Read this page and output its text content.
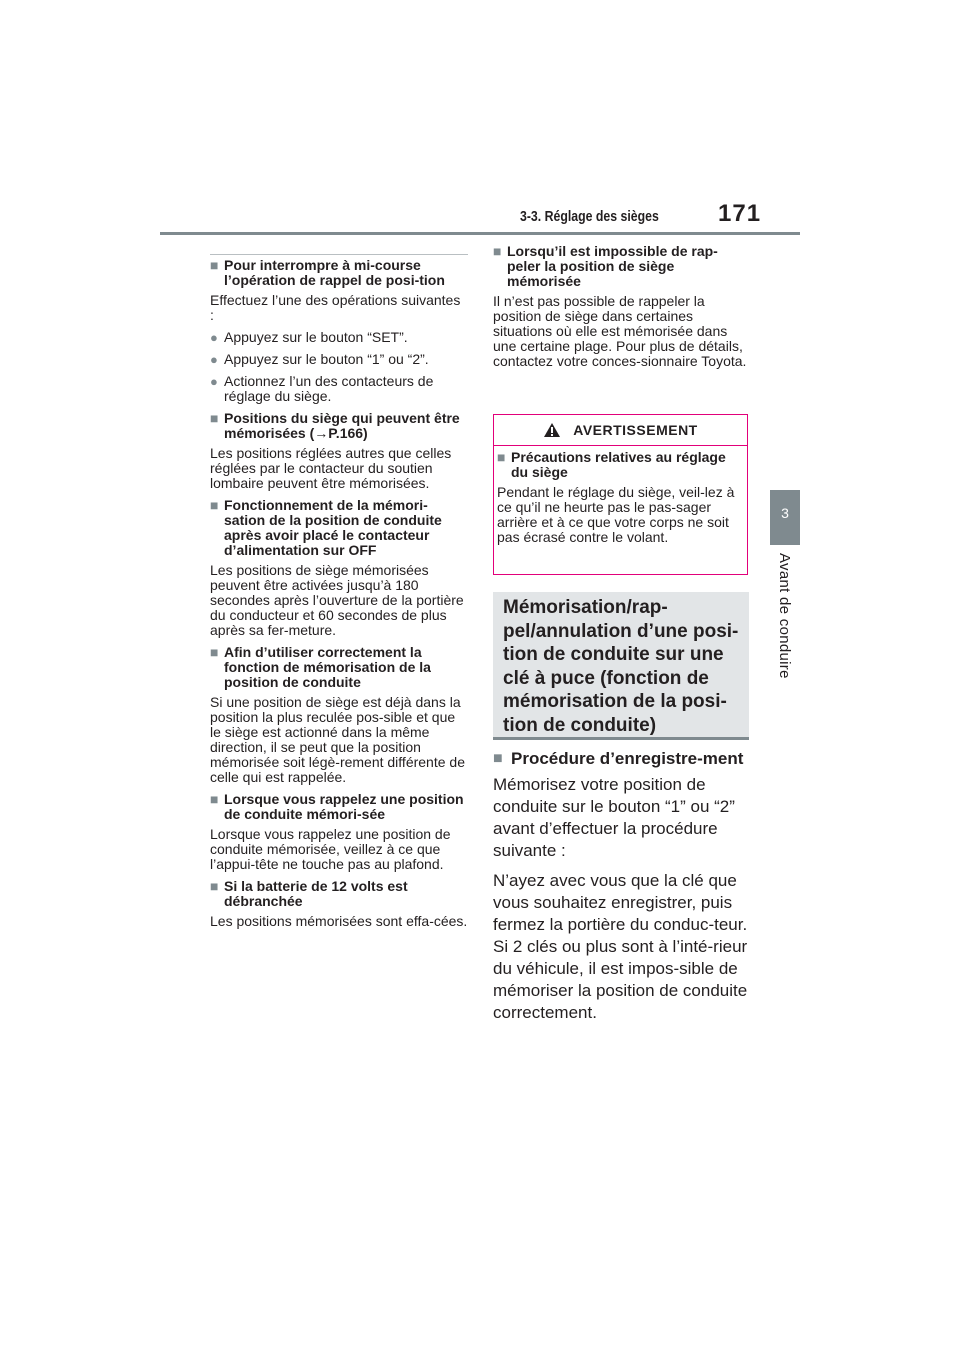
3-3. Réglage des sièges 171
3
Avant de conduire
■ Pour interrompre à mi-course l’opération de rappel de posi-tion

Effectuez l’une des opérations suivantes :

● Appuyez sur le bouton “SET”.
● Appuyez sur le bouton “1” ou “2”.
● Actionnez l’un des contacteurs de réglage du siège.
■ Positions du siège qui peuvent être mémorisées (→P.166)

Les positions réglées autres que celles réglées par le contacteur du soutien lombaire peuvent être mémorisées.

■ Fonctionnement de la mémori-sation de la position de conduite après avoir placé le contacteur d’alimentation sur OFF

Les positions de siège mémorisées peuvent être activées jusqu’à 180 secondes après l’ouverture de la portière du conducteur et 60 secondes de plus après sa fer-meture.

■ Afin d’utiliser correctement la fonction de mémorisation de la position de conduite

Si une position de siège est déjà dans la position la plus reculée pos-sible et que le siège est actionné dans la même direction, il se peut que la position mémorisée soit légè-rement différente de celle qui est rappelée.

■ Lorsque vous rappelez une position de conduite mémori-sée

Lorsque vous rappelez une position de conduite mémorisée, veillez à ce que l’appui-tête ne touche pas au plafond.

■ Si la batterie de 12 volts est débranchée

Les positions mémorisées sont effa-cées.

■ Lorsqu’il est impossible de rap-peler la position de siège mémorisée

Il n’est pas possible de rappeler la position de siège dans certaines situations où elle est mémorisée dans une certaine plage. Pour plus de détails, contactez votre conces-sionnaire Toyota.

AVERTISSEMENT
■ Précautions relatives au réglage du siège

Pendant le réglage du siège, veil-lez à ce qu’il ne heurte pas le pas-sager arrière et à ce que votre corps ne soit pas écrasé contre le volant.

Mémorisation/rap-pel/annulation d’une posi-tion de conduite sur une clé à puce (fonction de mémorisation de la posi-tion de conduite)
■ Procédure d’enregistre-ment

Mémorisez votre position de conduite sur le bouton “1” ou “2” avant d’effectuer la procédure suivante :

N’ayez avec vous que la clé que vous souhaitez enregistrer, puis fermez la portière du conduc-teur.

Si 2 clés ou plus sont à l’inté-rieur du véhicule, il est impos-sible de mémoriser la position de conduite correctement.
